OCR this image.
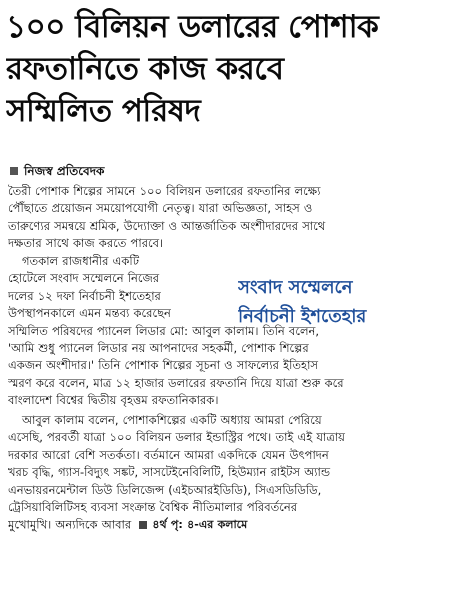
১০০ বিলিয়ন ডলারের পোশাক
রফতানিতে কাজ করবে
সম্মিলিত পরিষদ
নিজস্ব প্রতিবেদক
তৈরী পোশাক শিল্পের সামনে ১০০ বিলিয়ন ডলারের রফতানির লক্ষ্যে
পৌঁছাতে প্রয়োজন সময়োপযোগী নেতৃত্ব। যারা অভিজ্ঞতা, সাহস ও
তারুণ্যের সমন্বয়ে শ্রমিক, উদ্যোক্তা ও আন্তর্জাতিক অংশীদারদের সাথে
দক্ষতার সাথে কাজ করতে পারবে।
গতকাল রাজধানীর একটি
হোটেলে সংবাদ সম্মেলনে নিজের
দলের ১২ দফা নির্বাচনী ইশতেহার
উপস্থাপনকালে এমন মন্তব্য করেছেন
সম্মিলিত পরিষদের প্যানেল লিডার মো: আবুল কালাম। তিনি বলেন,
'আমি শুধু প্যানেল লিডার নয় আপনাদের সহকর্মী, পোশাক শিল্পের
একজন অংশীদার।' তিনি পোশাক শিল্পের সূচনা ও সাফল্যের ইতিহাস
স্মরণ করে বলেন, মাত্র ১২ হাজার ডলারের রফতানি দিয়ে যাত্রা শুরু করে
বাংলাদেশ বিশ্বের দ্বিতীয় বৃহত্তম রফতানিকারক।
সংবাদ সম্মেলনে
নির্বাচনী ইশতেহার
আবুল কালাম বলেন, পোশাকশিল্পের একটি অধ্যায় আমরা পেরিয়ে
এসেছি, পরবর্তী যাত্রা ১০০ বিলিয়ন ডলার ইন্ডাস্ট্রির পথে। তাই এই যাত্রায়
দরকার আরো বেশি সতর্কতা। বর্তমানে আমরা একদিকে যেমন উৎপাদন
খরচ বৃদ্ধি, গ্যাস-বিদ্যুৎ সঙ্কট, সাসটেইনেবিলিটি, হিউম্যান রাইটস অ্যান্ড
এনভায়রনমেন্টাল ডিউ ডিলিজেন্স (এইচআরইডিডি), সিএসডিডিডি,
ট্রেসিয়াবিলিটিসহ ব্যবসা সংক্রান্ত বৈশ্বিক নীতিমালার পরিবর্তনের
মুখোমুখি। অন্যদিকে আবার ৪র্থ পৃ: ৪-এর কলামে
